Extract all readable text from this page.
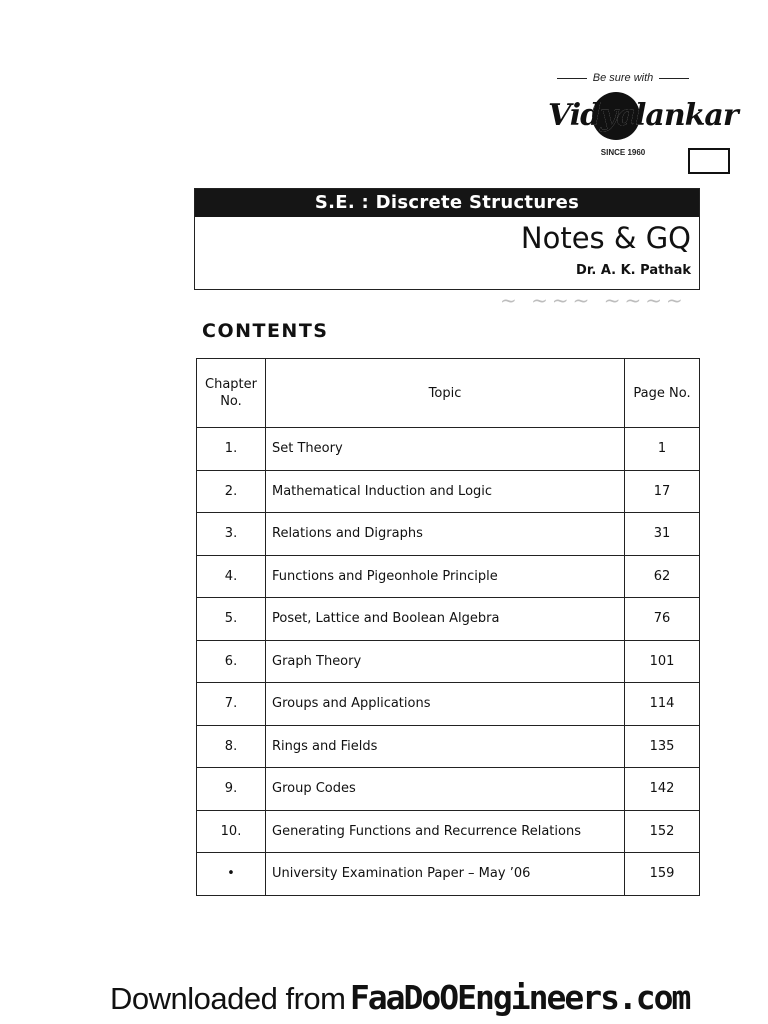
Be sure with
Vidyalankar
SINCE 1960
S.E. : Discrete Structures
Notes & GQ
Dr. A. K. Pathak
~ ~~~ ~~~~
CONTENTS
Chapter No.	Topic	Page No.
1.	Set Theory	1
2.	Mathematical Induction and Logic	17
3.	Relations and Digraphs	31
4.	Functions and Pigeonhole Principle	62
5.	Poset, Lattice and Boolean Algebra	76
6.	Graph Theory	101
7.	Groups and Applications	114
8.	Rings and Fields	135
9.	Group Codes	142
10.	Generating Functions and Recurrence Relations	152
•	University Examination Paper – May ’06	159
Downloaded from FaaDoOEngineers.com
